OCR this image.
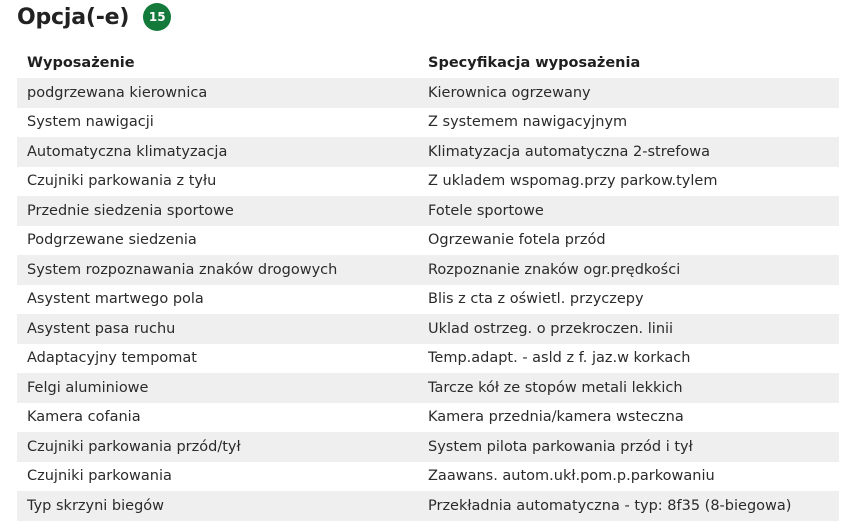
Opcja(-e)	15
Wyposażenie	Specyfikacja wyposażenia
podgrzewana kierownica	Kierownica ogrzewany
System nawigacji	Z systemem nawigacyjnym
Automatyczna klimatyzacja	Klimatyzacja automatyczna 2-strefowa
Czujniki parkowania z tyłu	Z ukladem wspomag.przy parkow.tylem
Przednie siedzenia sportowe	Fotele sportowe
Podgrzewane siedzenia	Ogrzewanie fotela przód
System rozpoznawania znaków drogowych	Rozpoznanie znaków ogr.prędkości
Asystent martwego pola	Blis z cta z oświetl. przyczepy
Asystent pasa ruchu	Uklad ostrzeg. o przekroczen. linii
Adaptacyjny tempomat	Temp.adapt. - asld z f. jaz.w korkach
Felgi aluminiowe	Tarcze kół ze stopów metali lekkich
Kamera cofania	Kamera przednia/kamera wsteczna
Czujniki parkowania przód/tył	System pilota parkowania przód i tył
Czujniki parkowania	Zaawans. autom.ukł.pom.p.parkowaniu
Typ skrzyni biegów	Przekładnia automatyczna - typ: 8f35 (8-biegowa)
